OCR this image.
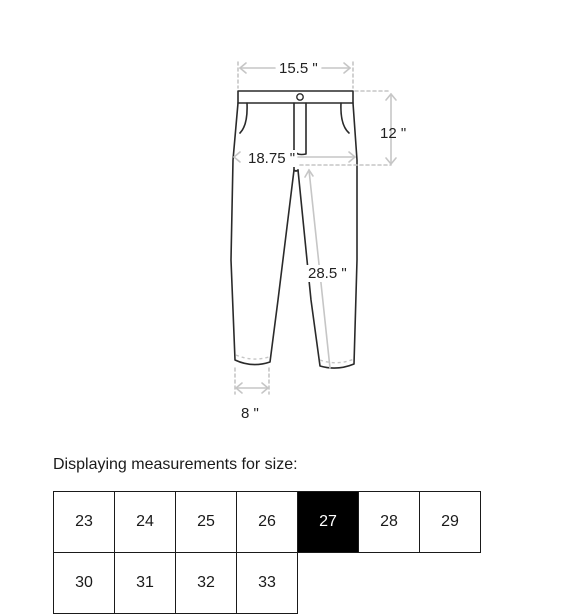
15.5 "
12 "
18.75 "
28.5 "
8 "
Displaying measurements for size:
23	24	25	26	27	28	29
30	31	32	33
